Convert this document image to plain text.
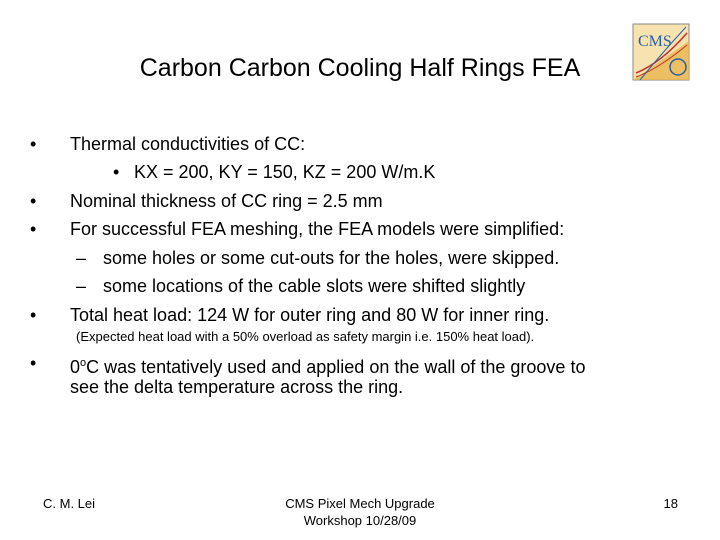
Carbon Carbon Cooling Half Rings FEA
CMS
• Thermal conductivities of CC:
• KX = 200, KY = 150, KZ = 200 W/m.K
• Nominal thickness of CC ring = 2.5 mm
• For successful FEA meshing, the FEA models were simplified:
– some holes or some cut-outs for the holes, were skipped.
– some locations of the cable slots were shifted slightly
• Total heat load: 124 W for outer ring and 80 W for inner ring.
(Expected heat load with a 50% overload as safety margin i.e. 150% heat load).
• 0$^o$C was tentatively used and applied on the wall of the groove to
see the delta temperature across the ring.
C. M. Lei	CMS Pixel Mech Upgrade
Workshop 10/28/09
18
